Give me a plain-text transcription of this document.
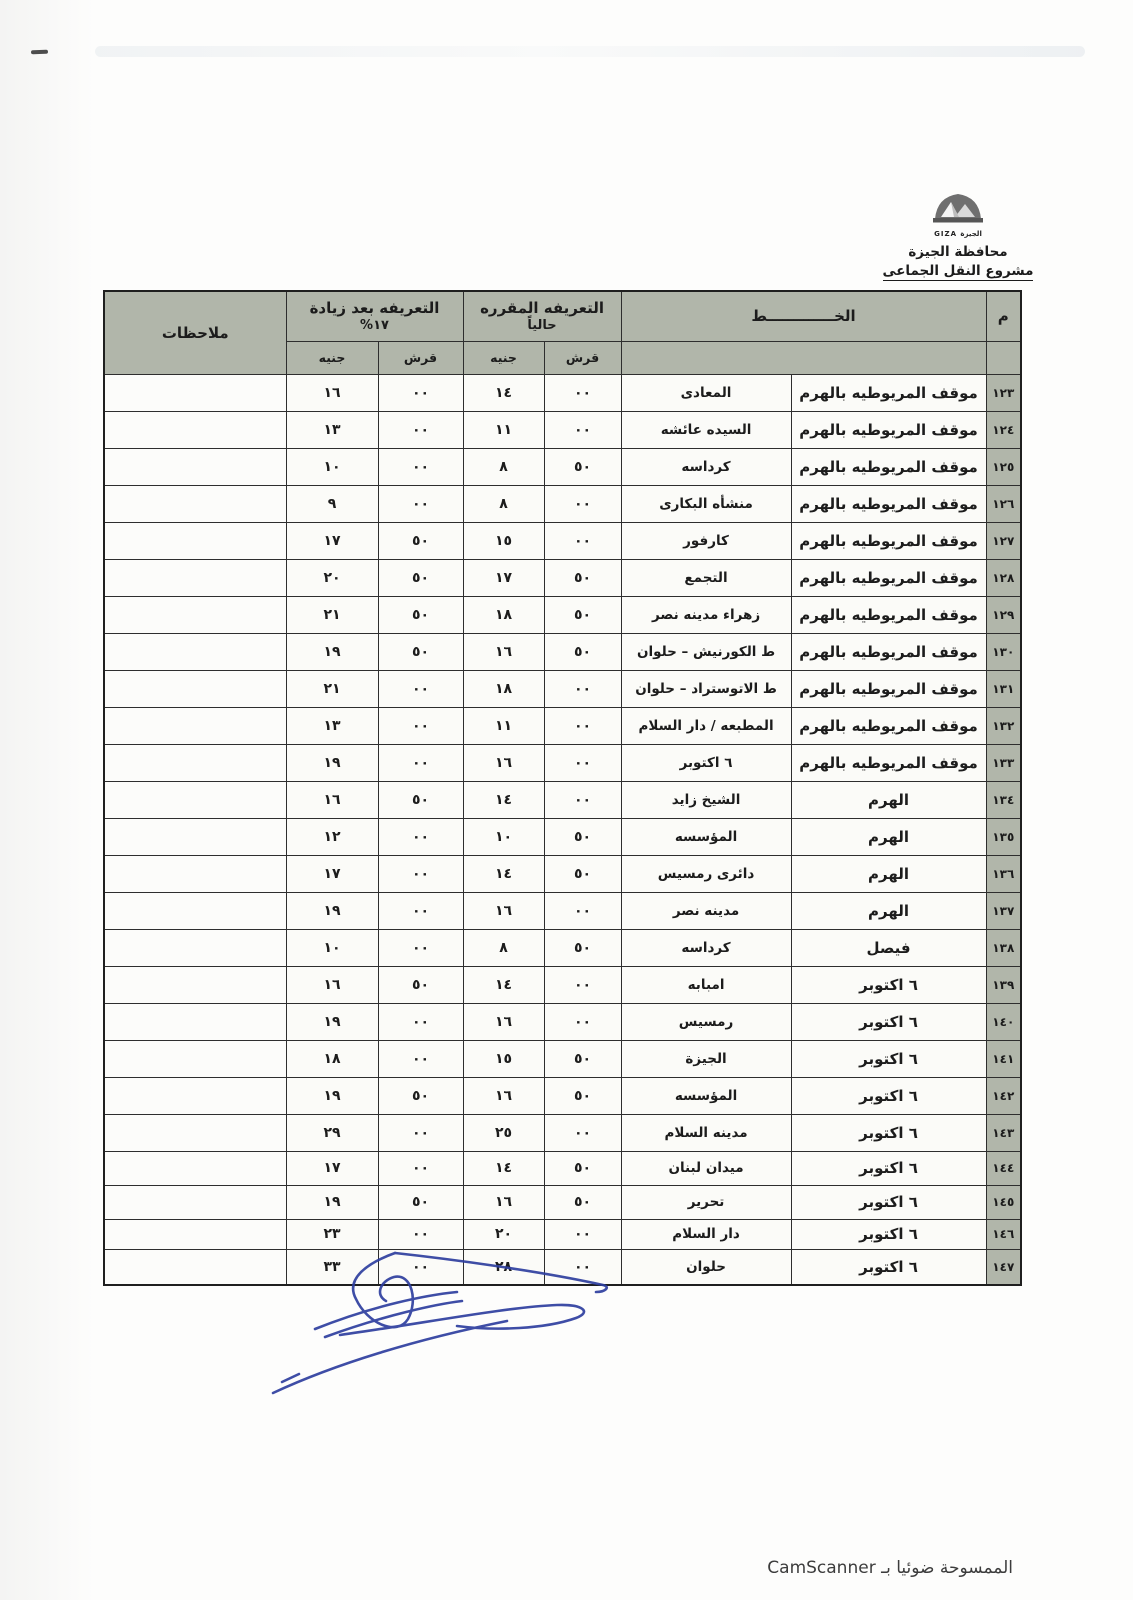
GIZA الجيزة
محافظة الجيزة
مشروع النقل الجماعى
م	الخـــــــــــــط	
التعريفه المقرره
حالياً

التعريفه بعد زيادة
١٧%
	ملاحظات
			قرش	جنيه	قرش	جنيه	
١٢٣	موقف المريوطيه بالهرم	المعادى	٠٠	١٤	٠٠	١٦	
١٢٤	موقف المريوطيه بالهرم	السيده عائشه	٠٠	١١	٠٠	١٣	
١٢٥	موقف المريوطيه بالهرم	كرداسه	٥٠	٨	٠٠	١٠	
١٢٦	موقف المريوطيه بالهرم	منشأه البكارى	٠٠	٨	٠٠	٩	
١٢٧	موقف المريوطيه بالهرم	كارفور	٠٠	١٥	٥٠	١٧	
١٢٨	موقف المريوطيه بالهرم	التجمع	٥٠	١٧	٥٠	٢٠	
١٢٩	موقف المريوطيه بالهرم	زهراء مدينه نصر	٥٠	١٨	٥٠	٢١	
١٣٠	موقف المريوطيه بالهرم	ط الكورنيش – حلوان	٥٠	١٦	٥٠	١٩	
١٣١	موقف المريوطيه بالهرم	ط الاتوستراد – حلوان	٠٠	١٨	٠٠	٢١	
١٣٢	موقف المريوطيه بالهرم	المطبعه / دار السلام	٠٠	١١	٠٠	١٣	
١٣٣	موقف المريوطيه بالهرم	٦ اكتوبر	٠٠	١٦	٠٠	١٩	
١٣٤	الهرم	الشيخ زايد	٠٠	١٤	٥٠	١٦	
١٣٥	الهرم	المؤسسه	٥٠	١٠	٠٠	١٢	
١٣٦	الهرم	دائرى رمسيس	٥٠	١٤	٠٠	١٧	
١٣٧	الهرم	مدينه نصر	٠٠	١٦	٠٠	١٩	
١٣٨	فيصل	كرداسه	٥٠	٨	٠٠	١٠	
١٣٩	٦ اكتوبر	امبابه	٠٠	١٤	٥٠	١٦	
١٤٠	٦ اكتوبر	رمسيس	٠٠	١٦	٠٠	١٩	
١٤١	٦ اكتوبر	الجيزة	٥٠	١٥	٠٠	١٨	
١٤٢	٦ اكتوبر	المؤسسه	٥٠	١٦	٥٠	١٩	
١٤٣	٦ اكتوبر	مدينه السلام	٠٠	٢٥	٠٠	٢٩	
١٤٤	٦ اكتوبر	ميدان لبنان	٥٠	١٤	٠٠	١٧	
١٤٥	٦ اكتوبر	تحرير	٥٠	١٦	٥٠	١٩	
١٤٦	٦ اكتوبر	دار السلام	٠٠	٢٠	٠٠	٢٣	
١٤٧	٦ اكتوبر	حلوان	٠٠	٢٨	٠٠	٣٣	
الممسوحة ضوئيا بـ CamScanner
